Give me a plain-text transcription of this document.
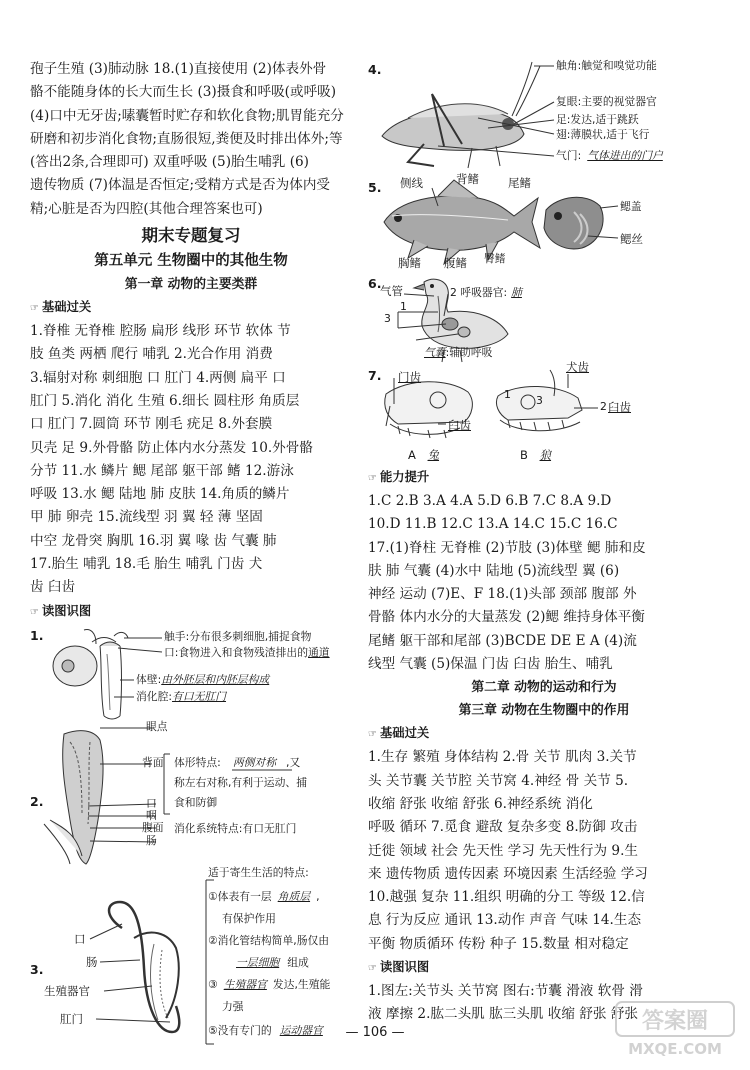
孢子生殖 (3)肺动脉 18.(1)直接使用 (2)体表外骨
骼不能随身体的长大而生长 (3)摄食和呼吸(或呼吸)
(4)口中无牙齿;嗉囊暂时贮存和软化食物;肌胃能充分
研磨和初步消化食物;直肠很短,粪便及时排出体外;等
(答出2条,合理即可) 双重呼吸 (5)胎生哺乳 (6)
遗传物质 (7)体温是否恒定;受精方式是否为体内受
精;心脏是否为四腔(其他合理答案也可)
期末专题复习
第五单元 生物圈中的其他生物
第一章 动物的主要类群
☞ 基础过关
1.脊椎 无脊椎 腔肠 扁形 线形 环节 软体 节
肢 鱼类 两栖 爬行 哺乳 2.光合作用 消费
3.辐射对称 刺细胞 口 肛门 4.两侧 扁平 口
肛门 5.消化 消化 生殖 6.细长 圆柱形 角质层
口 肛门 7.圆筒 环节 刚毛 疣足 8.外套膜
贝壳 足 9.外骨骼 防止体内水分蒸发 10.外骨骼
分节 11.水 鳞片 鳃 尾部 躯干部 鳍 12.游泳
呼吸 13.水 鳃 陆地 肺 皮肤 14.角质的鳞片
甲 肺 卵壳 15.流线型 羽 翼 轻 薄 坚固
中空 龙骨突 胸肌 16.羽 翼 喙 齿 气囊 肺
17.胎生 哺乳 18.毛 胎生 哺乳 门齿 犬
齿 臼齿
☞ 读图识图
1.	触手:分布很多刺细胞,捕捉食物
口:食物进入和食物残渣排出的通道
体壁:由外胚层和内胚层构成
消化腔:有口无肛门
2.
眼点
背面
口
咽
腹面
肠
体形特点: 两侧对称 ,又
称左右对称,有利于运动、捕
食和防御
消化系统特点:有口无肛门
3.
口
肠
生殖器官
肛门
适于寄生生活的特点:
①体表有一层 角质层 ,
有保护作用
②消化管结构简单,肠仅由
一层细胞 组成
③ 生殖器官 发达,生殖能
力强
⑤没有专门的 运动器官
4.	触角:触觉和嗅觉功能
复眼:主要的视觉器官
足:发达,适于跳跃
翅:薄膜状,适于飞行
气门: 气体进出的门户
5. 侧线	背鳍	尾鳍
胸鳍 腹鳍 臀鳍
鳃盖
鳃丝
6.
气管	2 呼吸器官: 肺
1
3
气囊:辅助呼吸
7. 门齿
臼齿
犬齿
1
2
3	臼齿
A 兔	B 狼
☞ 能力提升
1.C 2.B 3.A 4.A 5.D 6.B 7.C 8.A 9.D
10.D 11.B 12.C 13.A 14.C 15.C 16.C
17.(1)脊柱 无脊椎 (2)节肢 (3)体壁 鳃 肺和皮
肤 肺 气囊 (4)水中 陆地 (5)流线型 翼 (6)
神经 运动 (7)E、F 18.(1)头部 颈部 腹部 外
骨骼 体内水分的大量蒸发 (2)鳃 维持身体平衡
尾鳍 躯干部和尾部 (3)BCDE DE E A (4)流
线型 气囊 (5)保温 门齿 臼齿 胎生、哺乳
第二章 动物的运动和行为
第三章 动物在生物圈中的作用
☞ 基础过关
1.生存 繁殖 身体结构 2.骨 关节 肌肉 3.关节
头 关节囊 关节腔 关节窝 4.神经 骨 关节 5.
收缩 舒张 收缩 舒张 6.神经系统 消化
呼吸 循环 7.觅食 避敌 复杂多变 8.防御 攻击
迁徙 领域 社会 先天性 学习 先天性行为 9.生
来 遗传物质 遗传因素 环境因素 生活经验 学习
10.越强 复杂 11.组织 明确的分工 等级 12.信
息 行为反应 通讯 13.动作 声音 气味 14.生态
平衡 物质循环 传粉 种子 15.数量 相对稳定
☞ 读图识图
1.图左:关节头 关节窝 图右:节囊 滑液 软骨 滑
液 摩擦 2.肱二头肌 肱三头肌 收缩 舒张 舒张
— 106 —	答案圈
MXQE.COM
